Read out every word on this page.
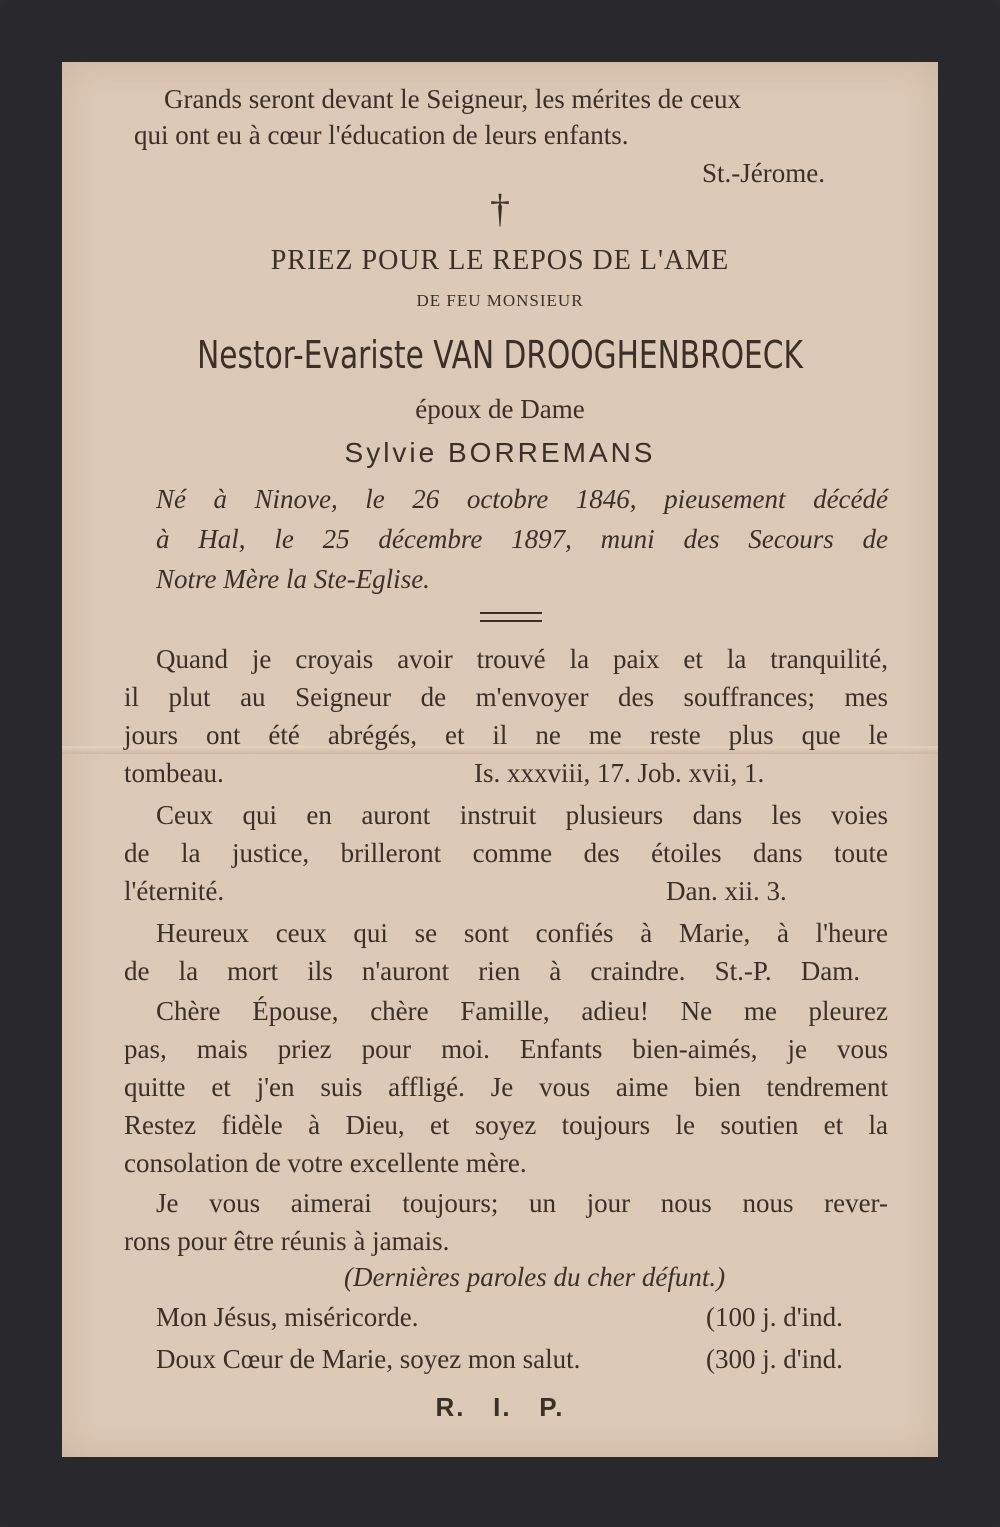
Grands seront devant le Seigneur, les mérites de ceux

qui ont eu à cœur l'éducation de leurs enfants.

St.-Jérome.

†

PRIEZ POUR LE REPOS DE L'AME

DE FEU MONSIEUR

Nestor-Evariste VAN DROOGHENBROECK

époux de Dame

Sylvie BORREMANS

Né à Ninove, le 26 octobre 1846, pieusement décédé

à Hal, le 25 décembre 1897, muni des Secours de

Notre Mère la Ste-Eglise.

Quand je croyais avoir trouvé la paix et la tranquilité,

il plut au Seigneur de m'envoyer des souffrances; mes

jours ont été abrégés, et il ne me reste plus que le

tombeau.	Is. xxxviii, 17. Job. xvii, 1.

Ceux qui en auront instruit plusieurs dans les voies

de la justice, brilleront comme des étoiles dans toute

l'éternité.	Dan. xii. 3.

Heureux ceux qui se sont confiés à Marie, à l'heure

de la mort ils n'auront rien à craindre. St.-P. Dam.

Chère Épouse, chère Famille, adieu! Ne me pleurez

pas, mais priez pour moi. Enfants bien-aimés, je vous

quitte et j'en suis affligé. Je vous aime bien tendrement

Restez fidèle à Dieu, et soyez toujours le soutien et la

consolation de votre excellente mère.

Je vous aimerai toujours; un jour nous nous rever-

rons pour être réunis à jamais.

(Dernières paroles du cher défunt.)

Mon Jésus, miséricorde.	(100 j. d'ind.

Doux Cœur de Marie, soyez mon salut.	(300 j. d'ind.

R.   I.   P.
